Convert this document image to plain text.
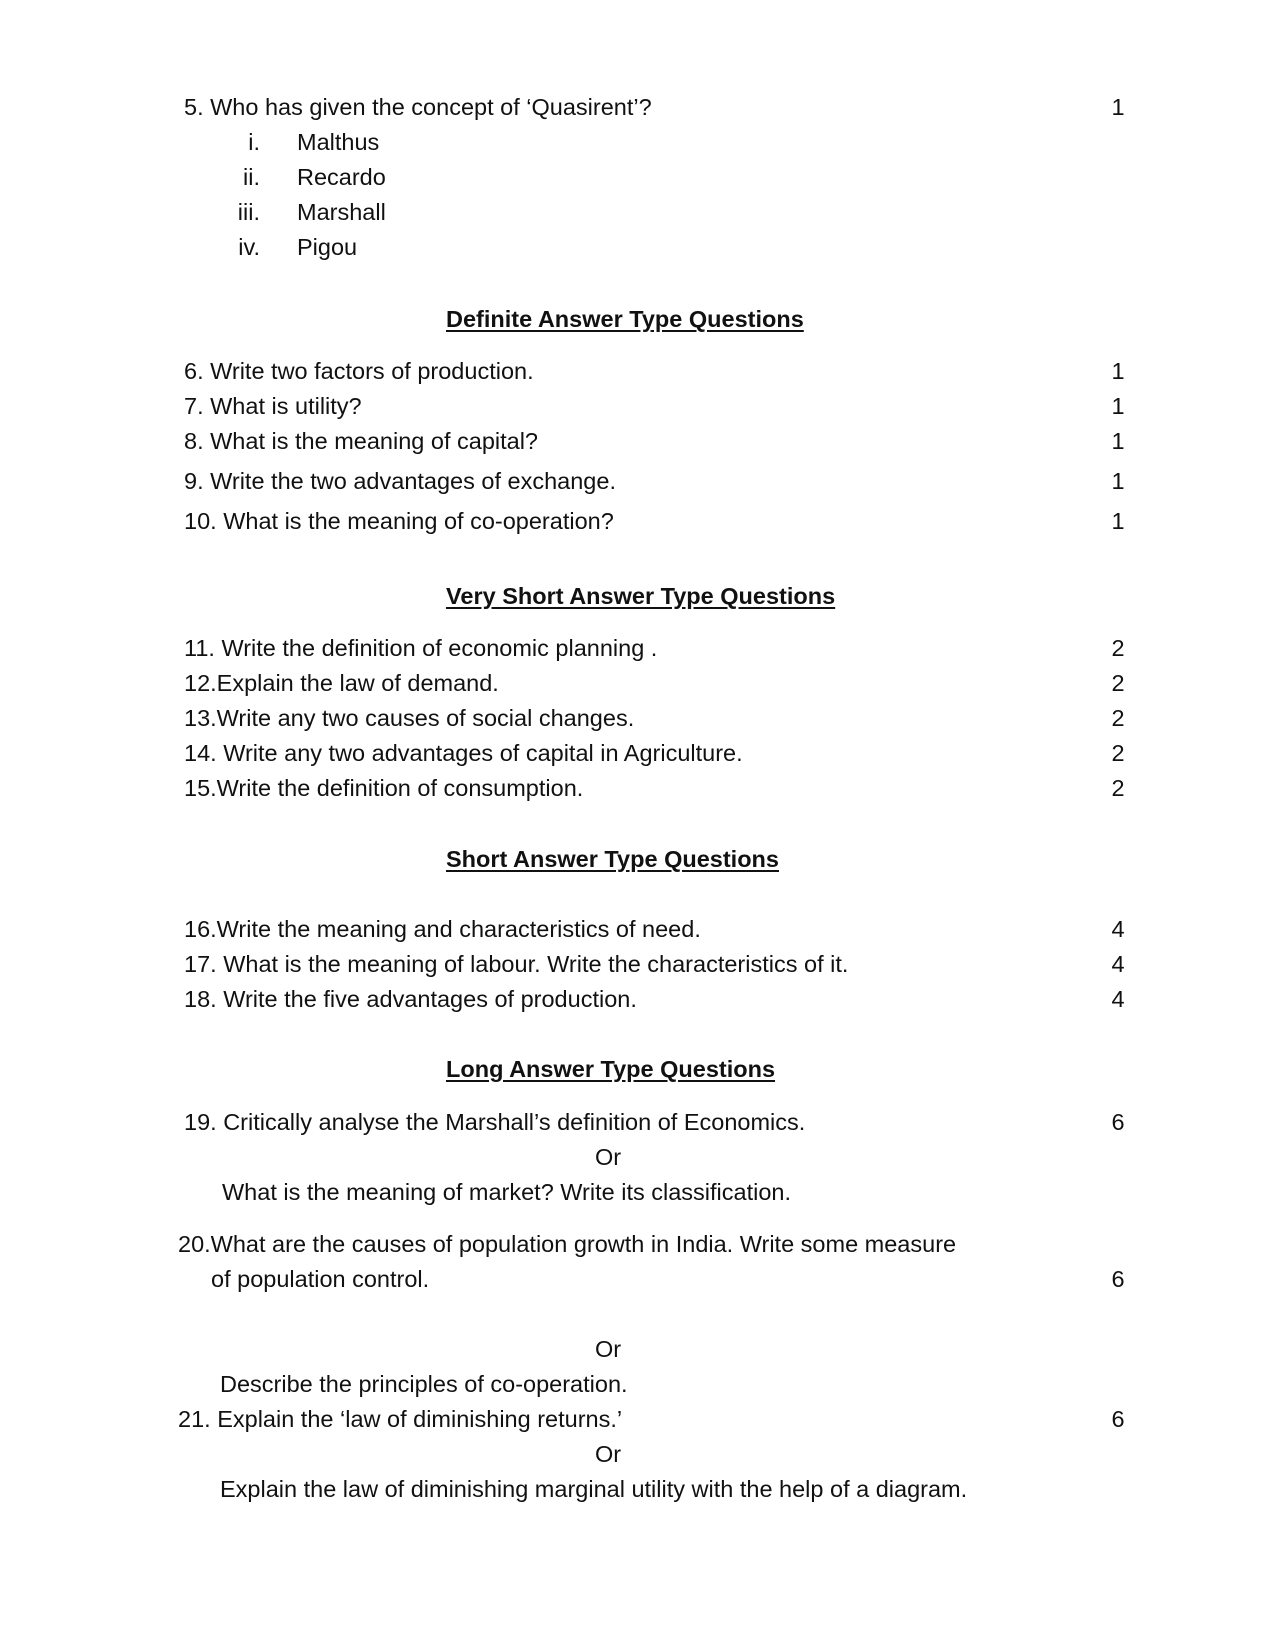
5. Who has given the concept of ‘Quasirent’?	1
i. Malthus
ii. Recardo
iii. Marshall
iv. Pigou
Definite Answer Type Questions
6. Write two factors of production.	1
7. What is utility?	1
8. What is the meaning of capital?	1
9. Write the two advantages of exchange.	1
10. What is the meaning of co-operation?	1
Very Short Answer Type Questions
11. Write the definition of economic planning .	2
12.Explain the law of demand.	2
13.Write any two causes of social changes.	2
14. Write any two advantages of capital in Agriculture.	2
15.Write the definition of consumption.	2
Short Answer Type Questions
16.Write the meaning and characteristics of need.	4
17. What is the meaning of labour. Write the characteristics of it.	4
18. Write the five advantages of production.	4
Long Answer Type Questions
19. Critically analyse the Marshall’s definition of Economics.	6
Or
What is the meaning of market? Write its classification.
20.What are the causes of population growth in India. Write some measure
of population control.	6
Or
Describe the principles of co-operation.
21. Explain the ‘law of diminishing returns.’	6
Or
Explain the law of diminishing marginal utility with the help of a diagram.
